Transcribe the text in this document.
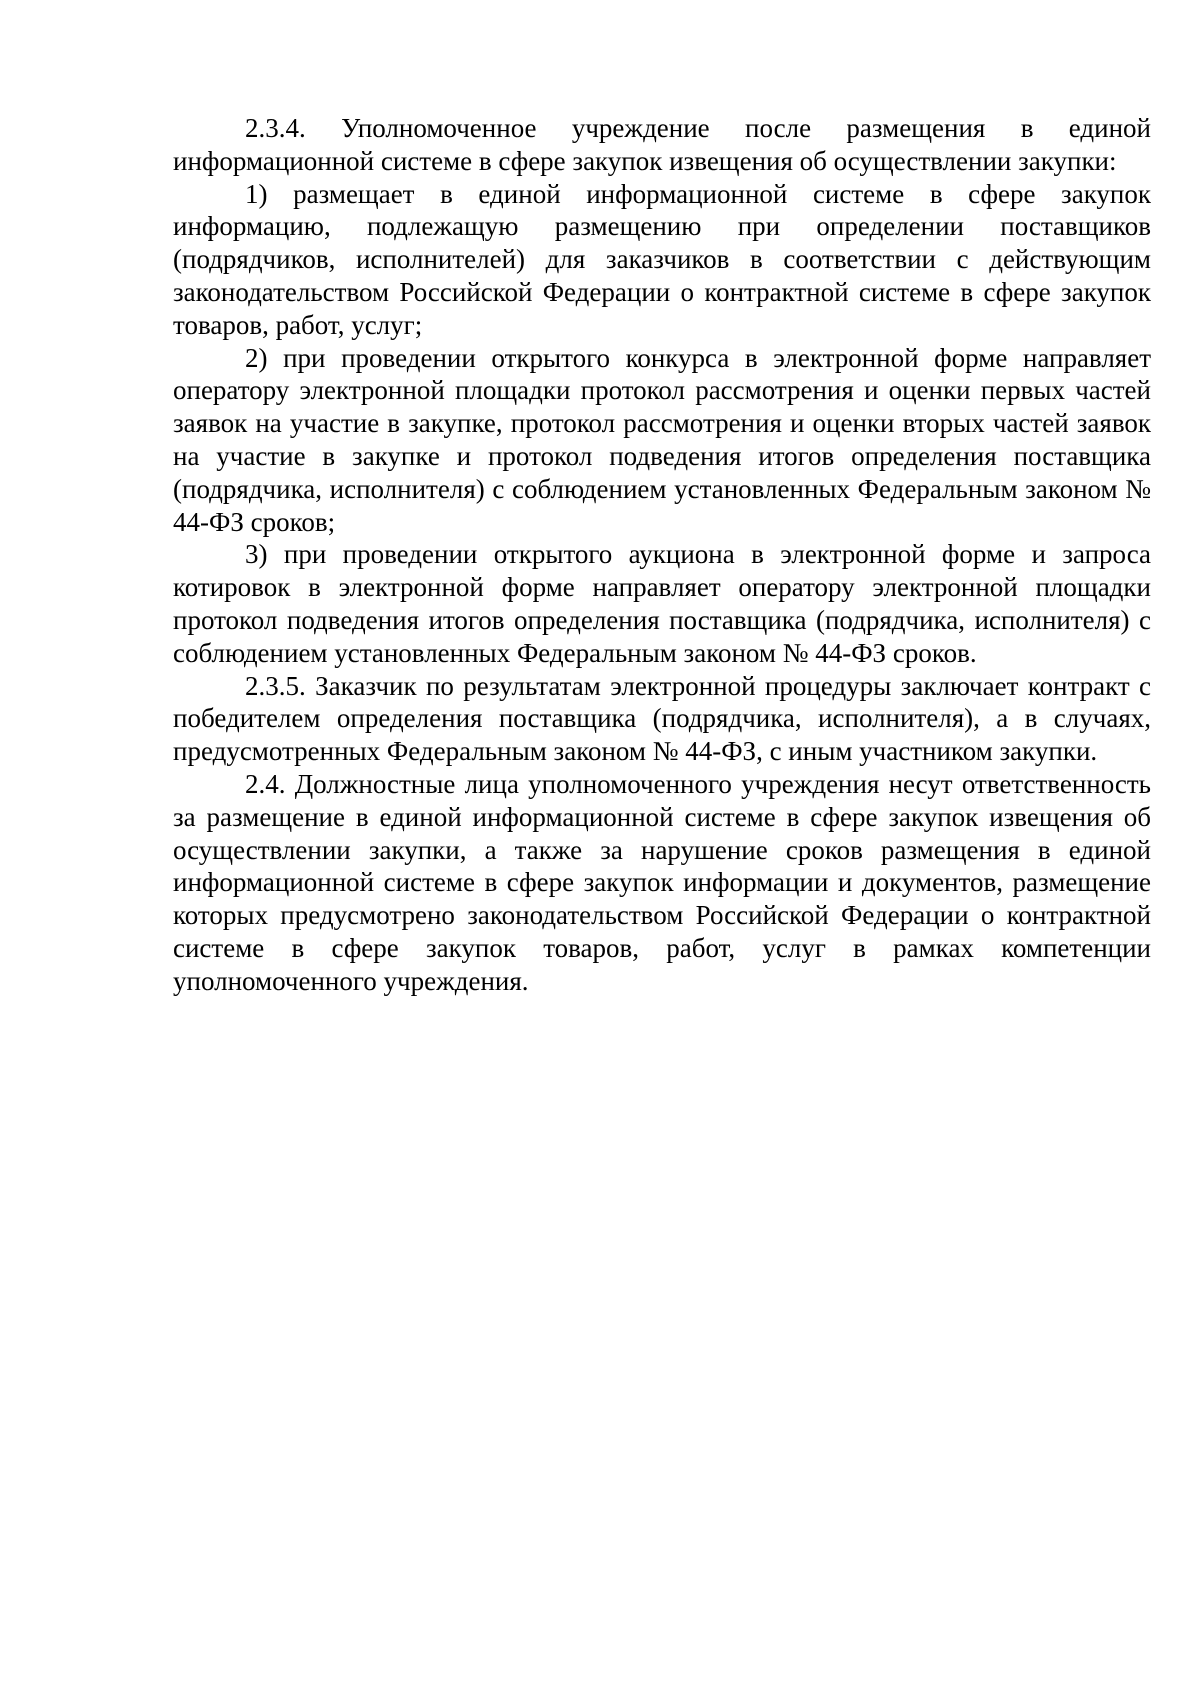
2.3.4. Уполномоченное учреждение после размещения в единой информационной системе в сфере закупок извещения об осуществлении закупки:

1) размещает в единой информационной системе в сфере закупок информацию, подлежащую размещению при определении поставщиков (подрядчиков, исполнителей) для заказчиков в соответствии с действующим законодательством Российской Федерации о контрактной системе в сфере закупок товаров, работ, услуг;

2) при проведении открытого конкурса в электронной форме направляет оператору электронной площадки протокол рассмотрения и оценки первых частей заявок на участие в закупке, протокол рассмотрения и оценки вторых частей заявок на участие в закупке и протокол подведения итогов определения поставщика (подрядчика, исполнителя) с соблюдением установленных Федеральным законом № 44-ФЗ сроков;

3) при проведении открытого аукциона в электронной форме и запроса котировок в электронной форме направляет оператору электронной площадки протокол подведения итогов определения поставщика (подрядчика, исполнителя) с соблюдением установленных Федеральным законом № 44-ФЗ сроков.

2.3.5. Заказчик по результатам электронной процедуры заключает контракт с победителем определения поставщика (подрядчика, исполнителя), а в случаях, предусмотренных Федеральным законом № 44-ФЗ, с иным участником закупки.

2.4. Должностные лица уполномоченного учреждения несут ответственность за размещение в единой информационной системе в сфере закупок извещения об осуществлении закупки, а также за нарушение сроков размещения в единой информационной системе в сфере закупок информации и документов, размещение которых предусмотрено законодательством Российской Федерации о контрактной системе в сфере закупок товаров, работ, услуг в рамках компетенции уполномоченного учреждения.
